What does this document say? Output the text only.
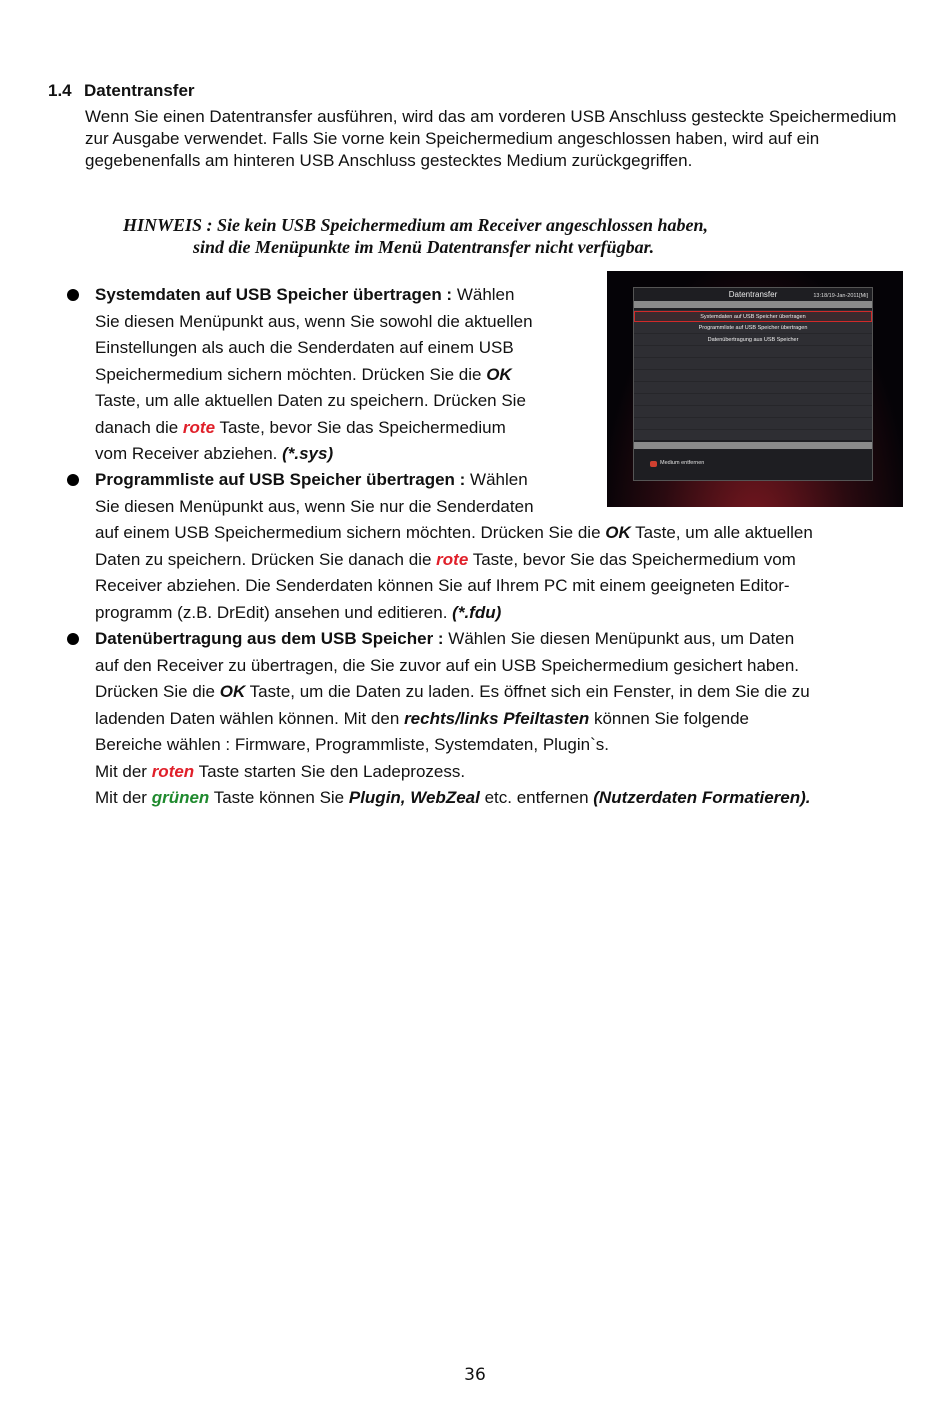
1.4 Datentransfer
Wenn Sie einen Datentransfer ausführen, wird das am vorderen USB Anschluss gesteckte Speichermedium zur Ausgabe verwendet. Falls Sie vorne kein Speichermedium angeschlossen haben, wird auf ein gegebenenfalls am hinteren USB Anschluss gestecktes Medium zurückgegriffen.
HINWEIS : Sie kein USB Speichermedium am Receiver angeschlossen haben,
sind die Menüpunkte im Menü Datentransfer nicht verfügbar.
Datentransfer	13:18/19-Jan-2011[Mi]
Systemdaten auf USB Speicher übertragen
Programmliste auf USB Speicher übertragen
Datenübertragung aus USB Speicher
Medium entfernen
Systemdaten auf USB Speicher übertragen : Wählen
Sie diesen Menüpunkt aus, wenn Sie sowohl die aktuellen
Einstellungen als auch die Senderdaten auf einem USB
Speichermedium sichern möchten. Drücken Sie die OK
Taste, um alle aktuellen Daten zu speichern. Drücken Sie
danach die rote Taste, bevor Sie das Speichermedium
vom Receiver abziehen. (*.sys)
Programmliste auf USB Speicher übertragen : Wählen
Sie diesen Menüpunkt aus, wenn Sie nur die Senderdaten
auf einem USB Speichermedium sichern möchten. Drücken Sie die OK Taste, um alle aktuellen
Daten zu speichern. Drücken Sie danach die rote Taste, bevor Sie das Speichermedium vom
Receiver abziehen. Die Senderdaten können Sie auf Ihrem PC mit einem geeigneten Editor-
programm (z.B. DrEdit) ansehen und editieren. (*.fdu)
Datenübertragung aus dem USB Speicher : Wählen Sie diesen Menüpunkt aus, um Daten
auf den Receiver zu übertragen, die Sie zuvor auf ein USB Speichermedium gesichert haben.
Drücken Sie die OK Taste, um die Daten zu laden. Es öffnet sich ein Fenster, in dem Sie die zu
ladenden Daten wählen können. Mit den rechts/links Pfeiltasten können Sie folgende
Bereiche wählen : Firmware, Programmliste, Systemdaten, Plugin`s.
Mit der roten Taste starten Sie den Ladeprozess.
Mit der grünen Taste können Sie Plugin, WebZeal etc. entfernen (Nutzerdaten Formatieren).
36
